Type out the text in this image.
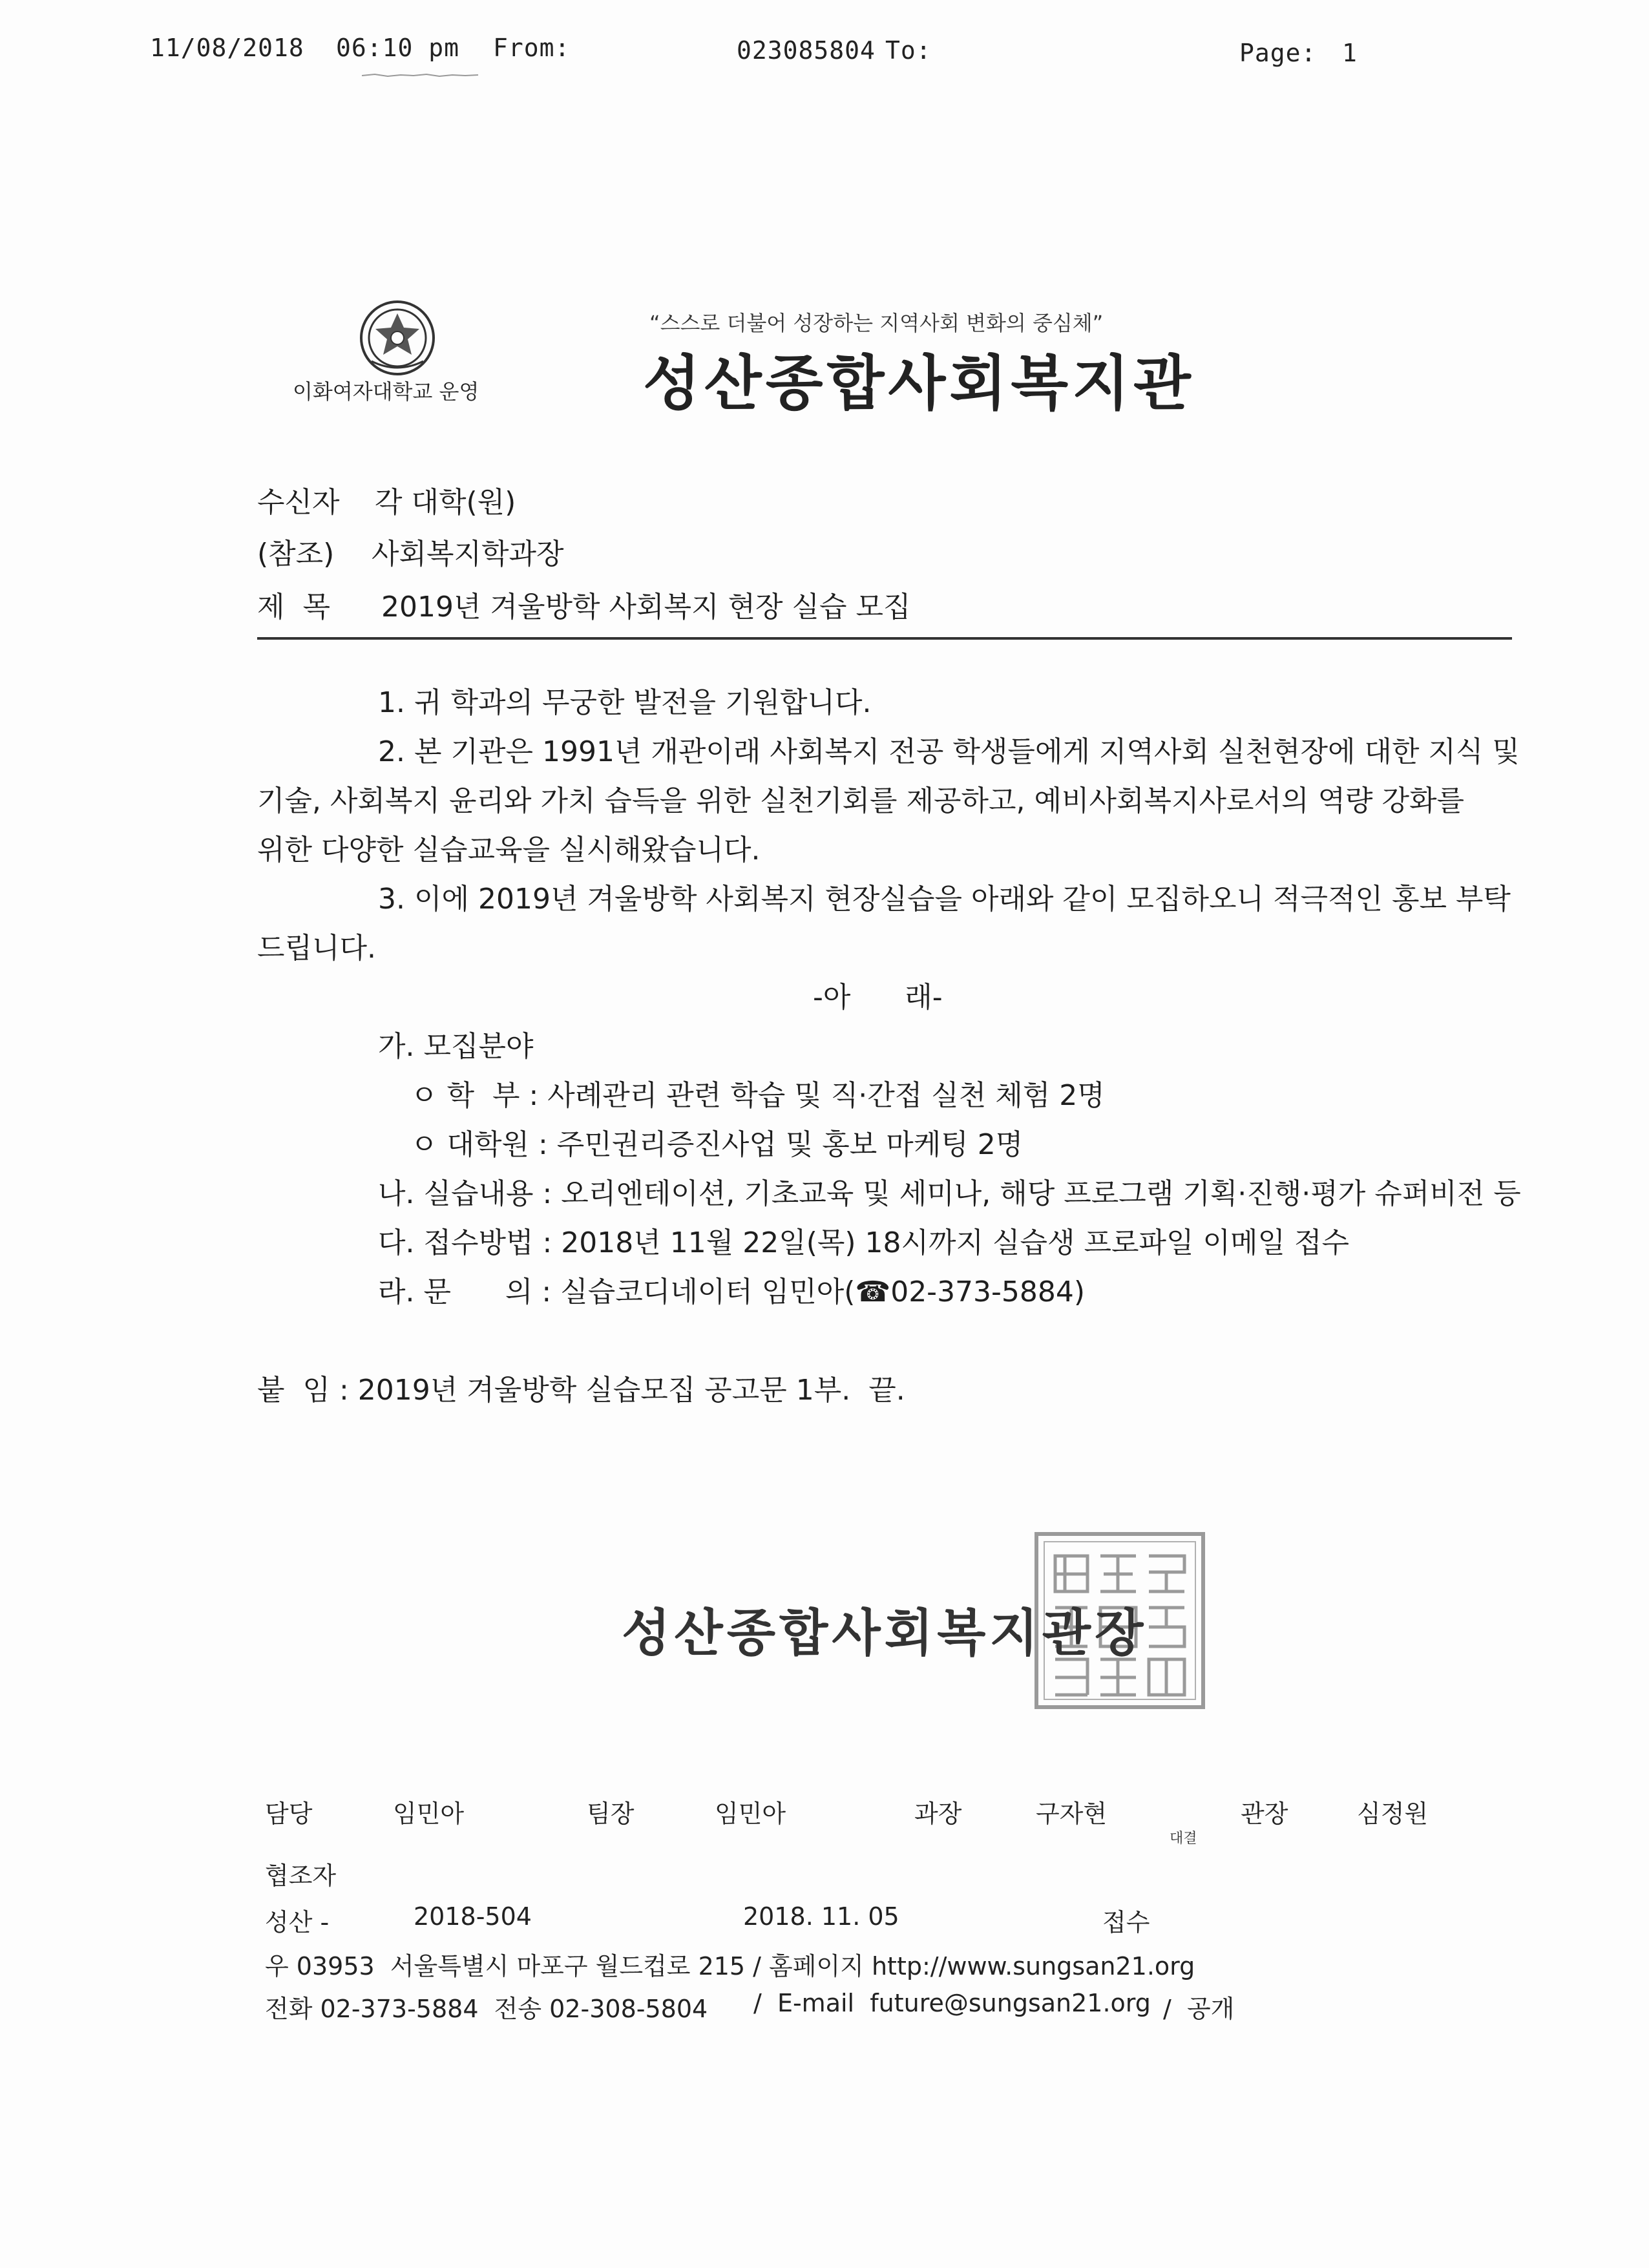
11/08/2018 06:10 pm From:	023085804 To:	Page: 1
이화여자대학교 운영
“스스로 더불어 성장하는 지역사회 변화의 중심체”
성산종합사회복지관
수신자 각 대학(원)
(참조) 사회복지학과장
제  목 2019년 겨울방학 사회복지 현장 실습 모집
1. 귀 학과의 무궁한 발전을 기원합니다.
2. 본 기관은 1991년 개관이래 사회복지 전공 학생들에게 지역사회 실천현장에 대한 지식 및
기술, 사회복지 윤리와 가치 습득을 위한 실천기회를 제공하고, 예비사회복지사로서의 역량 강화를
위한 다양한 실습교육을 실시해왔습니다.
3. 이에 2019년 겨울방학 사회복지 현장실습을 아래와 같이 모집하오니 적극적인 홍보 부탁
드립니다.
-아      래-
가. 모집분야
ㅇ 학  부 : 사례관리 관련 학습 및 직·간접 실천 체험 2명
ㅇ 대학원 : 주민권리증진사업 및 홍보 마케팅 2명
나. 실습내용 : 오리엔테이션, 기초교육 및 세미나, 해당 프로그램 기획·진행·평가 슈퍼비전 등
다. 접수방법 : 2018년 11월 22일(목) 18시까지 실습생 프로파일 이메일 접수
라. 문      의 : 실습코디네이터 임민아(☎02-373-5884)
붙  임 : 2019년 겨울방학 실습모집 공고문 1부.  끝.
성산종합사회복지관장
담당	임민아	팀장	임민아	과장	구자현
대결
관장	심정원
협조자
성산 -	2018-504	2018. 11. 05	접수
우 03953  서울특별시 마포구 월드컵로 215 / 홈페이지 http://www.sungsan21.org
전화 02-373-5884  전송 02-308-5804 /  E-mail  future@sungsan21.org /  공개
